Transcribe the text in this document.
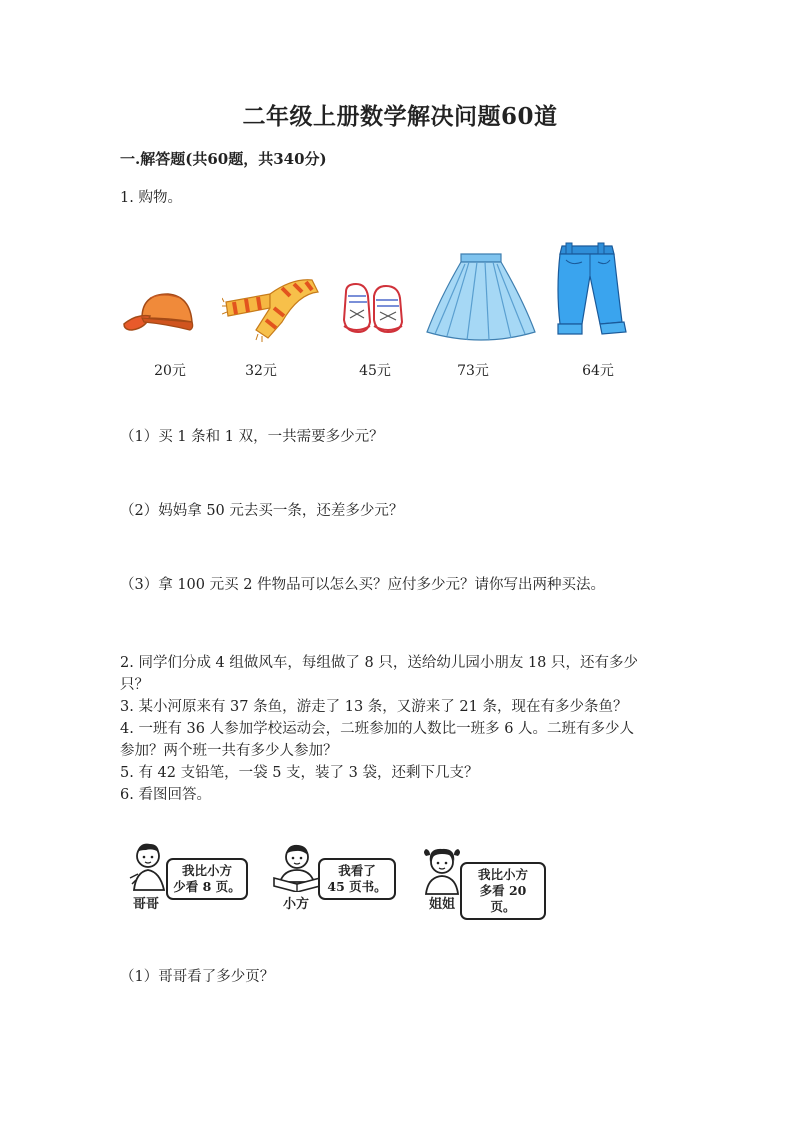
二年级上册数学解决问题60道
一.解答题(共60题，共340分)
1. 购物。
20元	32元	45元	73元	64元
（1）买 1 条和 1 双，一共需要多少元？
（2）妈妈拿 50 元去买一条，还差多少元？
（3）拿 100 元买 2 件物品可以怎么买？应付多少元？请你写出两种买法。
2. 同学们分成 4 组做风车，每组做了 8 只，送给幼儿园小朋友 18 只，还有多少
只？
3. 某小河原来有 37 条鱼，游走了 13 条，又游来了 21 条，现在有多少条鱼？
4. 一班有 36 人参加学校运动会，二班参加的人数比一班多 6 人。二班有多少人
参加？两个班一共有多少人参加？
5. 有 42 支铅笔，一袋 5 支，装了 3 袋，还剩下几支？
6. 看图回答。
我比小方
少看 8 页。
哥哥
我看了
45 页书。
小方
我比小方
多看 20 页。
姐姐
（1）哥哥看了多少页？
